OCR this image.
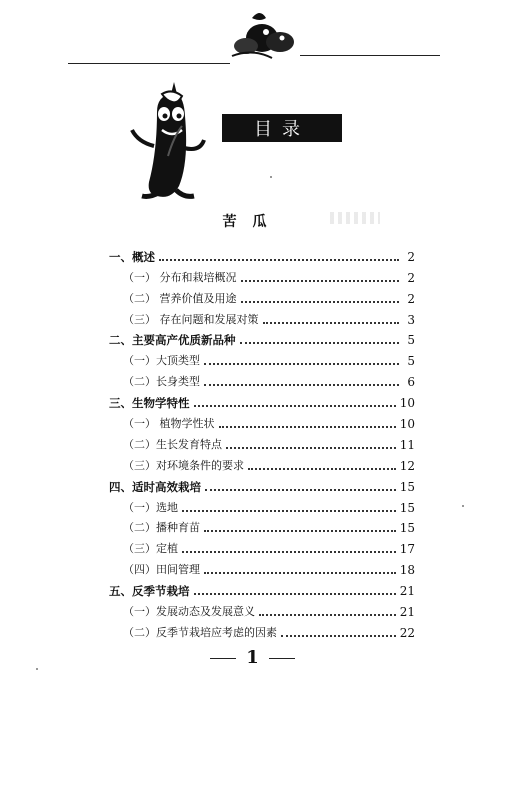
目录
苦瓜
一、概述	2
（一） 分布和栽培概况	2
（二） 营养价值及用途	2
（三） 存在问题和发展对策	3
二、主要高产优质新品种	5
（一）大顶类型	5
（二）长身类型	6
三、生物学特性	10
（一） 植物学性状	10
（二）生长发育特点	11
（三）对环境条件的要求	12
四、适时高效栽培	15
（一）选地	15
（二）播种育苗	15
（三）定植	17
（四）田间管理	18
五、反季节栽培	21
（一）发展动态及发展意义	21
（二）反季节栽培应考虑的因素	22
1
